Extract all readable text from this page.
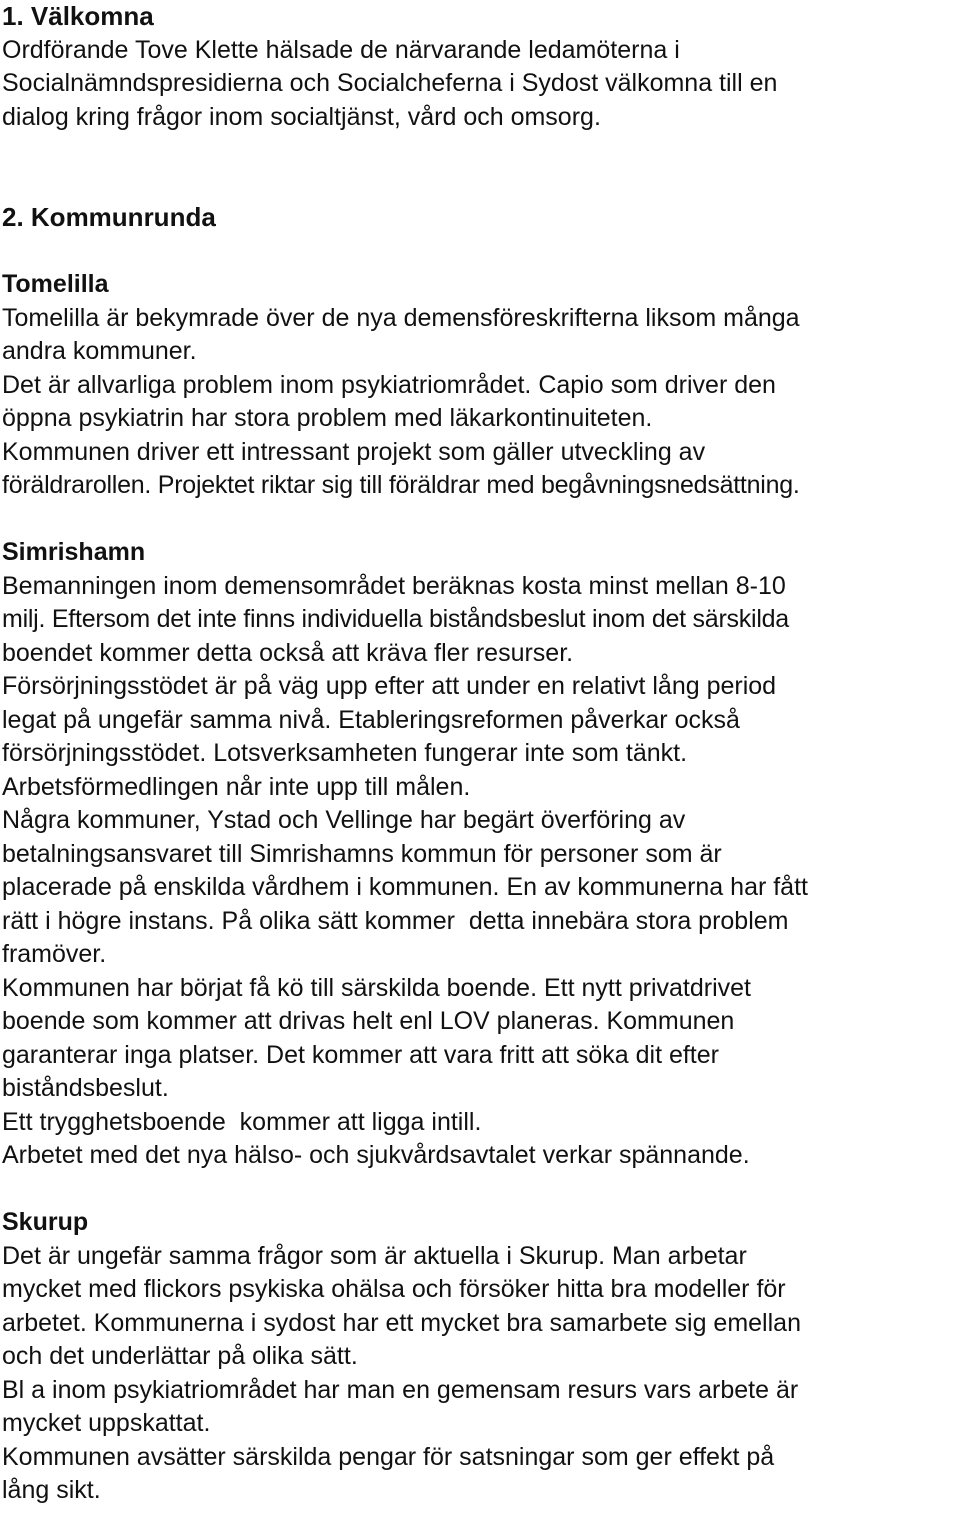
1. Välkomna
Ordförande Tove Klette hälsade de närvarande ledamöterna i
Socialnämndspresidierna och Socialcheferna i Sydost välkomna till en
dialog kring frågor inom socialtjänst, vård och omsorg.
2. Kommunrunda
Tomelilla
Tomelilla är bekymrade över de nya demensföreskrifterna liksom många
andra kommuner.
Det är allvarliga problem inom psykiatriområdet. Capio som driver den
öppna psykiatrin har stora problem med läkarkontinuiteten.
Kommunen driver ett intressant projekt som gäller utveckling av
föräldrarollen. Projektet riktar sig till föräldrar med begåvningsnedsättning.
Simrishamn
Bemanningen inom demensområdet beräknas kosta minst mellan 8-10
milj. Eftersom det inte finns individuella biståndsbeslut inom det särskilda
boendet kommer detta också att kräva fler resurser.
Försörjningsstödet är på väg upp efter att under en relativt lång period
legat på ungefär samma nivå. Etableringsreformen påverkar också
försörjningsstödet. Lotsverksamheten fungerar inte som tänkt.
Arbetsförmedlingen når inte upp till målen.
Några kommuner, Ystad och Vellinge har begärt överföring av
betalningsansvaret till Simrishamns kommun för personer som är
placerade på enskilda vårdhem i kommunen. En av kommunerna har fått
rätt i högre instans. På olika sätt kommer  detta innebära stora problem
framöver.
Kommunen har börjat få kö till särskilda boende. Ett nytt privatdrivet
boende som kommer att drivas helt enl LOV planeras. Kommunen
garanterar inga platser. Det kommer att vara fritt att söka dit efter
biståndsbeslut.
Ett trygghetsboende  kommer att ligga intill.
Arbetet med det nya hälso- och sjukvårdsavtalet verkar spännande.
Skurup
Det är ungefär samma frågor som är aktuella i Skurup. Man arbetar
mycket med flickors psykiska ohälsa och försöker hitta bra modeller för
arbetet. Kommunerna i sydost har ett mycket bra samarbete sig emellan
och det underlättar på olika sätt.
Bl a inom psykiatriområdet har man en gemensam resurs vars arbete är
mycket uppskattat.
Kommunen avsätter särskilda pengar för satsningar som ger effekt på
lång sikt.
